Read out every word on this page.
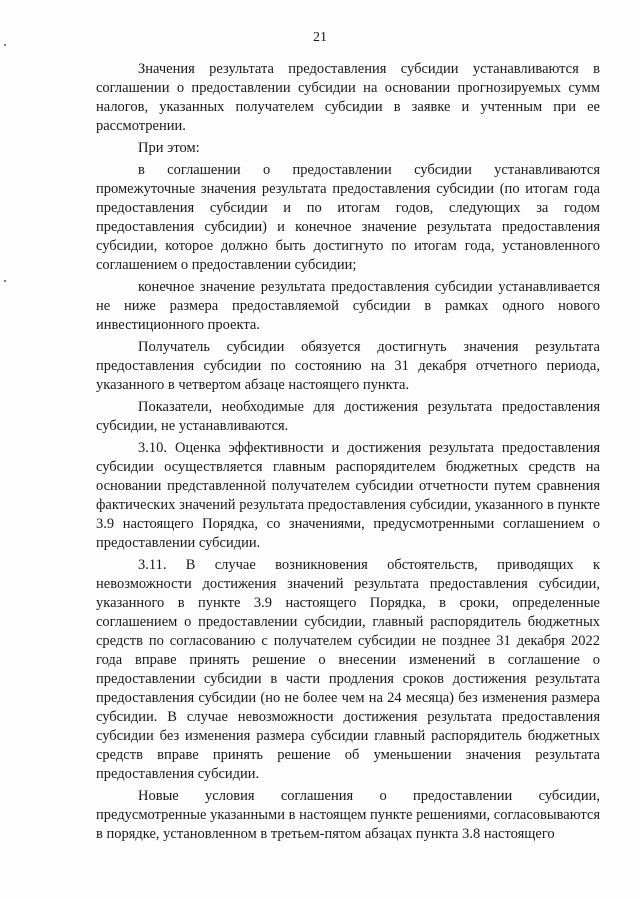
21

Значения результата предоставления субсидии устанавливаются в соглашении о предоставлении субсидии на основании прогнозируемых сумм налогов, указанных получателем субсидии в заявке и учтенным при ее рассмотрении.

При этом:

в соглашении о предоставлении субсидии устанавливаются промежуточные значения результата предоставления субсидии (по итогам года предоставления субсидии и по итогам годов, следующих за годом предоставления субсидии) и конечное значение результата предоставления субсидии, которое должно быть достигнуто по итогам года, установленного соглашением о предоставлении субсидии;

конечное значение результата предоставления субсидии устанавливается не ниже размера предоставляемой субсидии в рамках одного нового инвестиционного проекта.

Получатель субсидии обязуется достигнуть значения результата предоставления субсидии по состоянию на 31 декабря отчетного периода, указанного в четвертом абзаце настоящего пункта.

Показатели, необходимые для достижения результата предоставления субсидии, не устанавливаются.

3.10. Оценка эффективности и достижения результата предоставления субсидии осуществляется главным распорядителем бюджетных средств на основании представленной получателем субсидии отчетности путем сравнения фактических значений результата предоставления субсидии, указанного в пункте 3.9 настоящего Порядка, со значениями, предусмотренными соглашением о предоставлении субсидии.

3.11. В случае возникновения обстоятельств, приводящих к невозможности достижения значений результата предоставления субсидии, указанного в пункте 3.9 настоящего Порядка, в сроки, определенные соглашением о предоставлении субсидии, главный распорядитель бюджетных средств по согласованию с получателем субсидии не позднее 31 декабря 2022 года вправе принять решение о внесении изменений в соглашение о предоставлении субсидии в части продления сроков достижения результата предоставления субсидии (но не более чем на 24 месяца) без изменения размера субсидии. В случае невозможности достижения результата предоставления субсидии без изменения размера субсидии главный распорядитель бюджетных средств вправе принять решение об уменьшении значения результата предоставления субсидии.

Новые условия соглашения о предоставлении субсидии, предусмотренные указанными в настоящем пункте решениями, согласовываются в порядке, установленном в третьем-пятом абзацах пункта 3.8 настоящего
